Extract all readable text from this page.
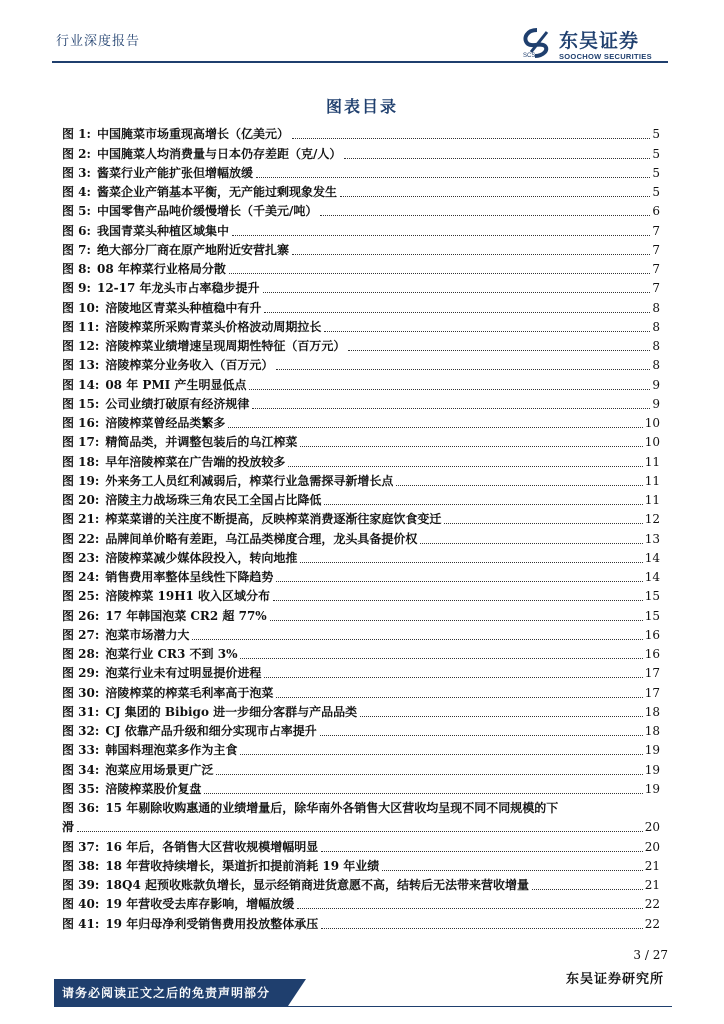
行业深度报告
SCS
东吴证券
SOOCHOW SECURITIES
图表目录
图 1: 中国腌菜市场重现高增长（亿美元）	5
图 2: 中国腌菜人均消费量与日本仍存差距（克/人）	5
图 3: 酱菜行业产能扩张但增幅放缓	5
图 4: 酱菜企业产销基本平衡，无产能过剩现象发生	5
图 5: 中国零售产品吨价缓慢增长（千美元/吨）	6
图 6: 我国青菜头种植区域集中	7
图 7: 绝大部分厂商在原产地附近安营扎寨	7
图 8: 08 年榨菜行业格局分散	7
图 9: 12-17 年龙头市占率稳步提升	7
图 10: 涪陵地区青菜头种植稳中有升	8
图 11: 涪陵榨菜所采购青菜头价格波动周期拉长	8
图 12: 涪陵榨菜业绩增速呈现周期性特征（百万元）	8
图 13: 涪陵榨菜分业务收入（百万元）	8
图 14: 08 年 PMI 产生明显低点	9
图 15: 公司业绩打破原有经济规律	9
图 16: 涪陵榨菜曾经品类繁多	10
图 17: 精简品类，并调整包装后的乌江榨菜	10
图 18: 早年涪陵榨菜在广告端的投放较多	11
图 19: 外来务工人员红利减弱后，榨菜行业急需探寻新增长点	11
图 20: 涪陵主力战场珠三角农民工全国占比降低	11
图 21: 榨菜菜谱的关注度不断提高，反映榨菜消费逐渐往家庭饮食变迁	12
图 22: 品牌间单价略有差距，乌江品类梯度合理，龙头具备提价权	13
图 23: 涪陵榨菜减少媒体段投入，转向地推	14
图 24: 销售费用率整体呈线性下降趋势	14
图 25: 涪陵榨菜 19H1 收入区域分布	15
图 26: 17 年韩国泡菜 CR2 超 77%	15
图 27: 泡菜市场潜力大	16
图 28: 泡菜行业 CR3 不到 3%	16
图 29: 泡菜行业未有过明显提价进程	17
图 30: 涪陵榨菜的榨菜毛利率高于泡菜	17
图 31: CJ 集团的 Bibigo 进一步细分客群与产品品类	18
图 32: CJ 依靠产品升级和细分实现市占率提升	18
图 33: 韩国料理泡菜多作为主食	19
图 34: 泡菜应用场景更广泛	19
图 35: 涪陵榨菜股价复盘	19
图 36: 15 年剔除收购惠通的业绩增量后，除华南外各销售大区营收均呈现不同不同规模的下
滑	20
图 37: 16 年后，各销售大区营收规模增幅明显	20
图 38: 18 年营收持续增长，渠道折扣提前消耗 19 年业绩	21
图 39: 18Q4 起预收账款负增长，显示经销商进货意愿不高，结转后无法带来营收增量	21
图 40: 19 年营收受去库存影响，增幅放缓	22
图 41: 19 年归母净利受销售费用投放整体承压	22
3 / 27
东吴证券研究所
请务必阅读正文之后的免责声明部分
